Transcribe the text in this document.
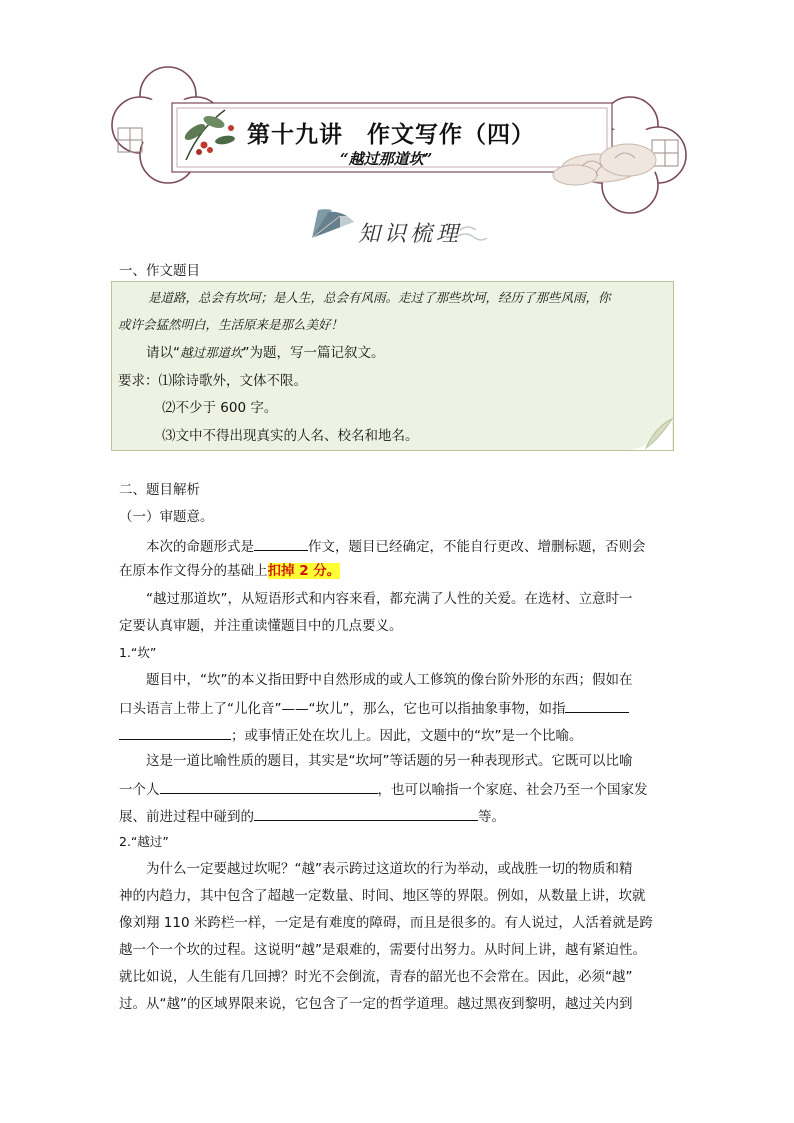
第十九讲　作文写作（四）
“越过那道坎”
知识梳理
一、作文题目
是道路，总会有坎坷；是人生，总会有风雨。走过了那些坎坷，经历了那些风雨，你
或许会猛然明白，生活原来是那么美好！
请以“越过那道坎”为题，写一篇记叙文。
要求：⑴除诗歌外，文体不限。
⑵不少于 600 字。
⑶文中不得出现真实的人名、校名和地名。
二、题目解析
（一）审题意。
本次的命题形式是	作文，题目已经确定，不能自行更改、增删标题，否则会
在原本作文得分的基础上扣掉 2 分。
“越过那道坎”，从短语形式和内容来看，都充满了人性的关爱。在选材、立意时一
定要认真审题，并注重读懂题目中的几点要义。
1.“坎”
题目中，“坎”的本义指田野中自然形成的或人工修筑的像台阶外形的东西；假如在
口头语言上带上了“儿化音”——“坎儿”，那么，它也可以指抽象事物，如指
；或事情正处在坎儿上。因此，文题中的“坎”是一个比喻。
这是一道比喻性质的题目，其实是“坎坷”等话题的另一种表现形式。它既可以比喻
一个人	，也可以喻指一个家庭、社会乃至一个国家发
展、前进过程中碰到的	等。
2.“越过”
为什么一定要越过坎呢？“越”表示跨过这道坎的行为举动，或战胜一切的物质和精
神的内趋力，其中包含了超越一定数量、时间、地区等的界限。例如，从数量上讲，坎就
像刘翔 110 米跨栏一样，一定是有难度的障碍，而且是很多的。有人说过，人活着就是跨
越一个一个坎的过程。这说明“越”是艰难的，需要付出努力。从时间上讲，越有紧迫性。
就比如说，人生能有几回搏？时光不会倒流，青春的韶光也不会常在。因此，必须“越”
过。从“越”的区域界限来说，它包含了一定的哲学道理。越过黑夜到黎明，越过关内到
